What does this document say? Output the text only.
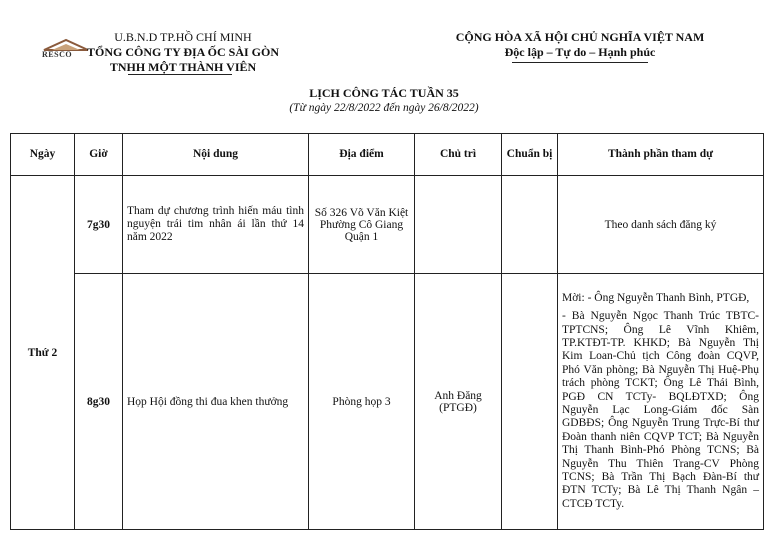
RESCO
U.B.N.D TP.HỒ CHÍ MINH
TỔNG CÔNG TY ĐỊA ỐC SÀI GÒN
TNHH MỘT THÀNH VIÊN
CỘNG HÒA XÃ HỘI CHỦ NGHĨA VIỆT NAM
Độc lập – Tự do – Hạnh phúc
LỊCH CÔNG TÁC TUẦN 35
(Từ ngày 22/8/2022 đến ngày 26/8/2022)
Ngày	Giờ	Nội dung	Địa điểm	Chủ trì	Chuẩn bị	Thành phần tham dự
Thứ 2	7g30	Tham dự chương trình hiến máu tình nguyện trái tim nhân ái lần thứ 14 năm 2022	Số 326 Võ Văn Kiệt Phường Cô Giang Quận 1			Theo danh sách đăng ký
	8g30	Họp Hội đồng thi đua khen thưởng	Phòng họp 3	Anh Đăng (PTGĐ)		Mời: - Ông Nguyễn Thanh Bình, PTGĐ,

- Bà Nguyễn Ngọc Thanh Trúc TBTC-TPTCNS; Ông Lê Vĩnh Khiêm, TP.KTĐT-TP. KHKD; Bà Nguyễn Thị Kim Loan-Chủ tịch Công đoàn CQVP, Phó Văn phòng; Bà Nguyễn Thị Huệ-Phụ trách phòng TCKT; Ông Lê Thái Bình, PGĐ CN TCTy- BQLĐTXD; Ông Nguyễn Lạc Long-Giám đốc Sàn GDBĐS; Ông Nguyễn Trung Trực-Bí thư Đoàn thanh niên CQVP TCT; Bà Nguyễn Thị Thanh Bình-Phó Phòng TCNS; Bà Nguyễn Thu Thiên Trang-CV Phòng TCNS; Bà Trần Thị Bạch Đàn-Bí thư ĐTN TCTy; Bà Lê Thị Thanh Ngân – CTCĐ TCTy.
